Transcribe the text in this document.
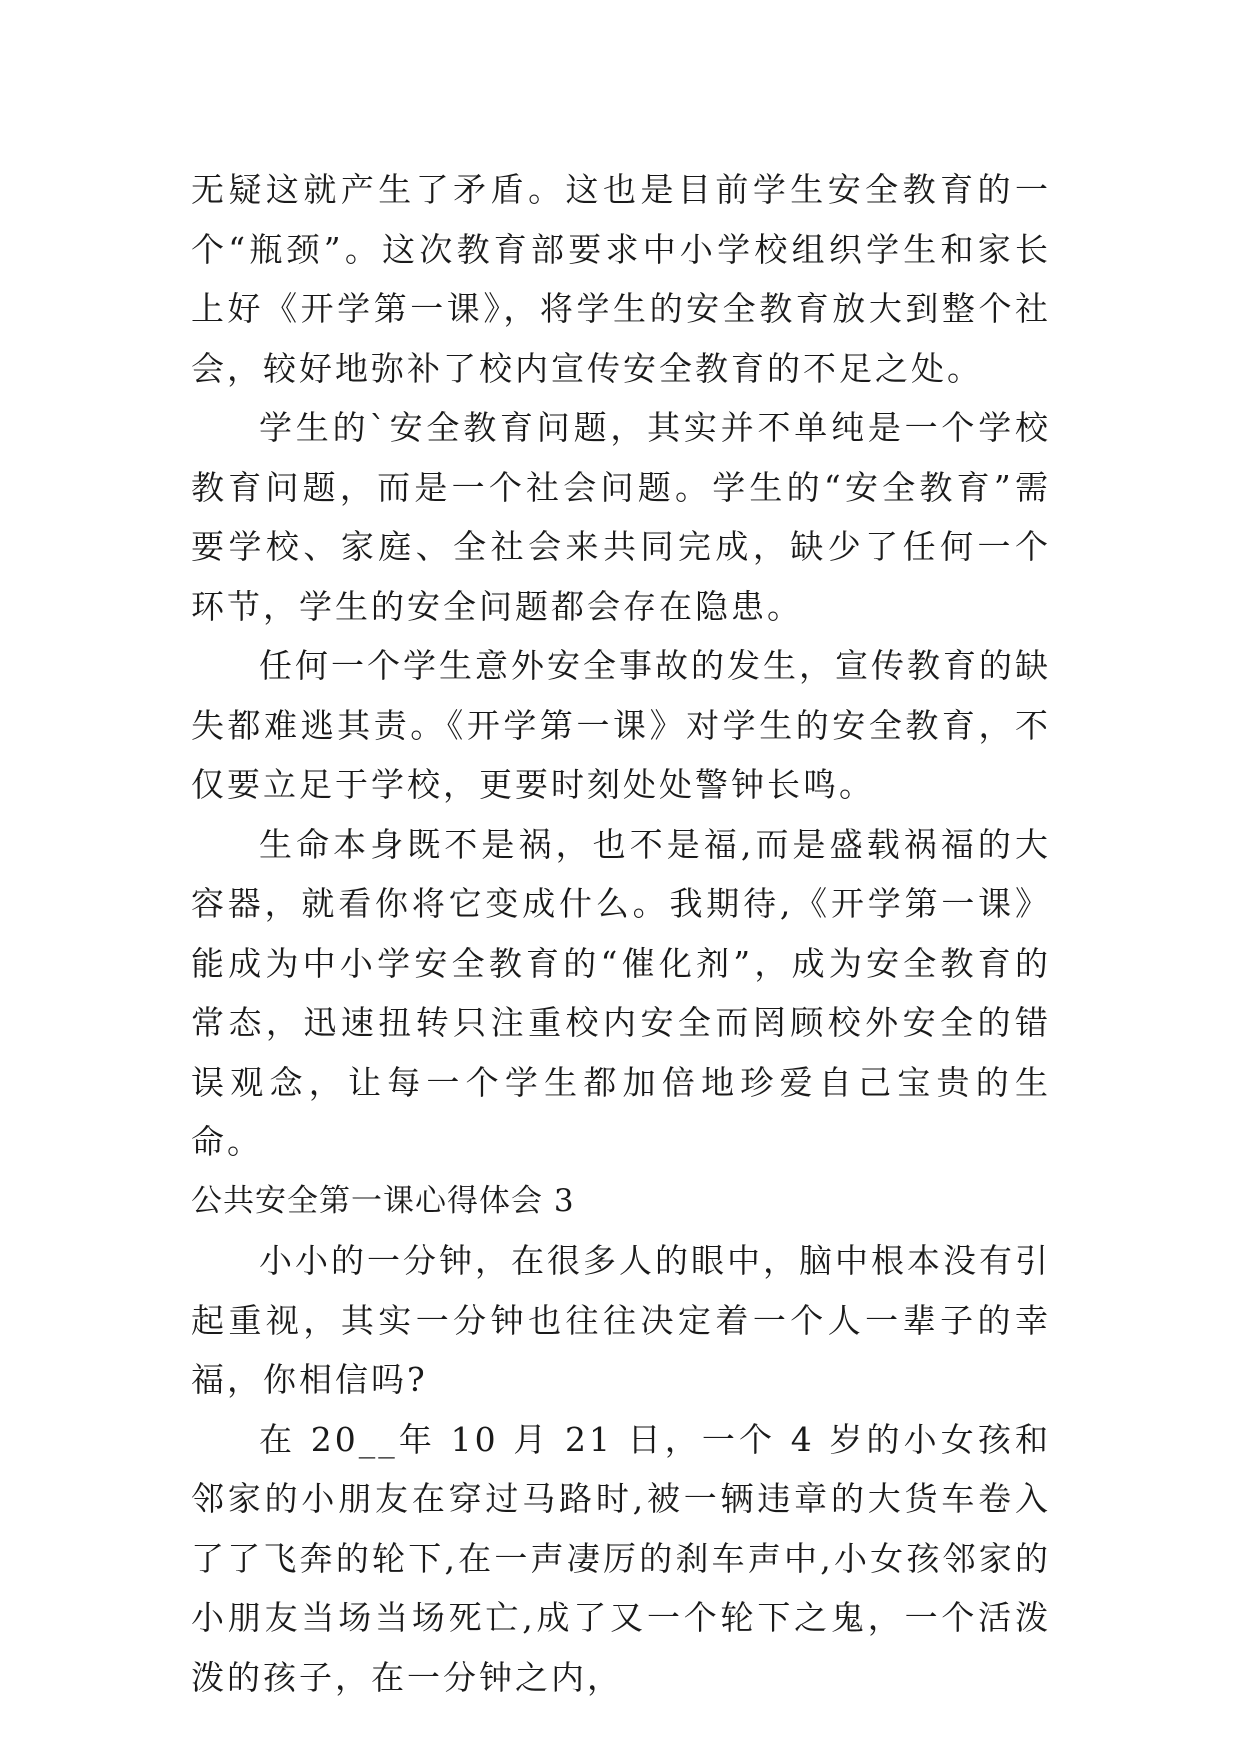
无疑这就产生了矛盾。这也是目前学生安全教育的一个“瓶颈”。这次教育部要求中小学校组织学生和家长上好《开学第一课》，将学生的安全教育放大到整个社会，较好地弥补了校内宣传安全教育的不足之处。

学生的`安全教育问题，其实并不单纯是一个学校教育问题，而是一个社会问题。学生的“安全教育”需要学校、家庭、全社会来共同完成，缺少了任何一个环节，学生的安全问题都会存在隐患。

任何一个学生意外安全事故的发生，宣传教育的缺失都难逃其责。《开学第一课》对学生的安全教育，不仅要立足于学校，更要时刻处处警钟长鸣。

生命本身既不是祸，也不是福,而是盛载祸福的大容器，就看你将它变成什么。我期待,《开学第一课》能成为中小学安全教育的“催化剂”，成为安全教育的常态，迅速扭转只注重校内安全而罔顾校外安全的错误观念，让每一个学生都加倍地珍爱自己宝贵的生命。

公共安全第一课心得体会 3

小小的一分钟，在很多人的眼中，脑中根本没有引起重视，其实一分钟也往往决定着一个人一辈子的幸福，你相信吗?

在 20__年 10 月 21 日，一个 4 岁的小女孩和邻家的小朋友在穿过马路时,被一辆违章的大货车卷入了了飞奔的轮下,在一声凄厉的刹车声中,小女孩邻家的小朋友当场当场死亡,成了又一个轮下之鬼，一个活泼泼的孩子，在一分钟之内，
